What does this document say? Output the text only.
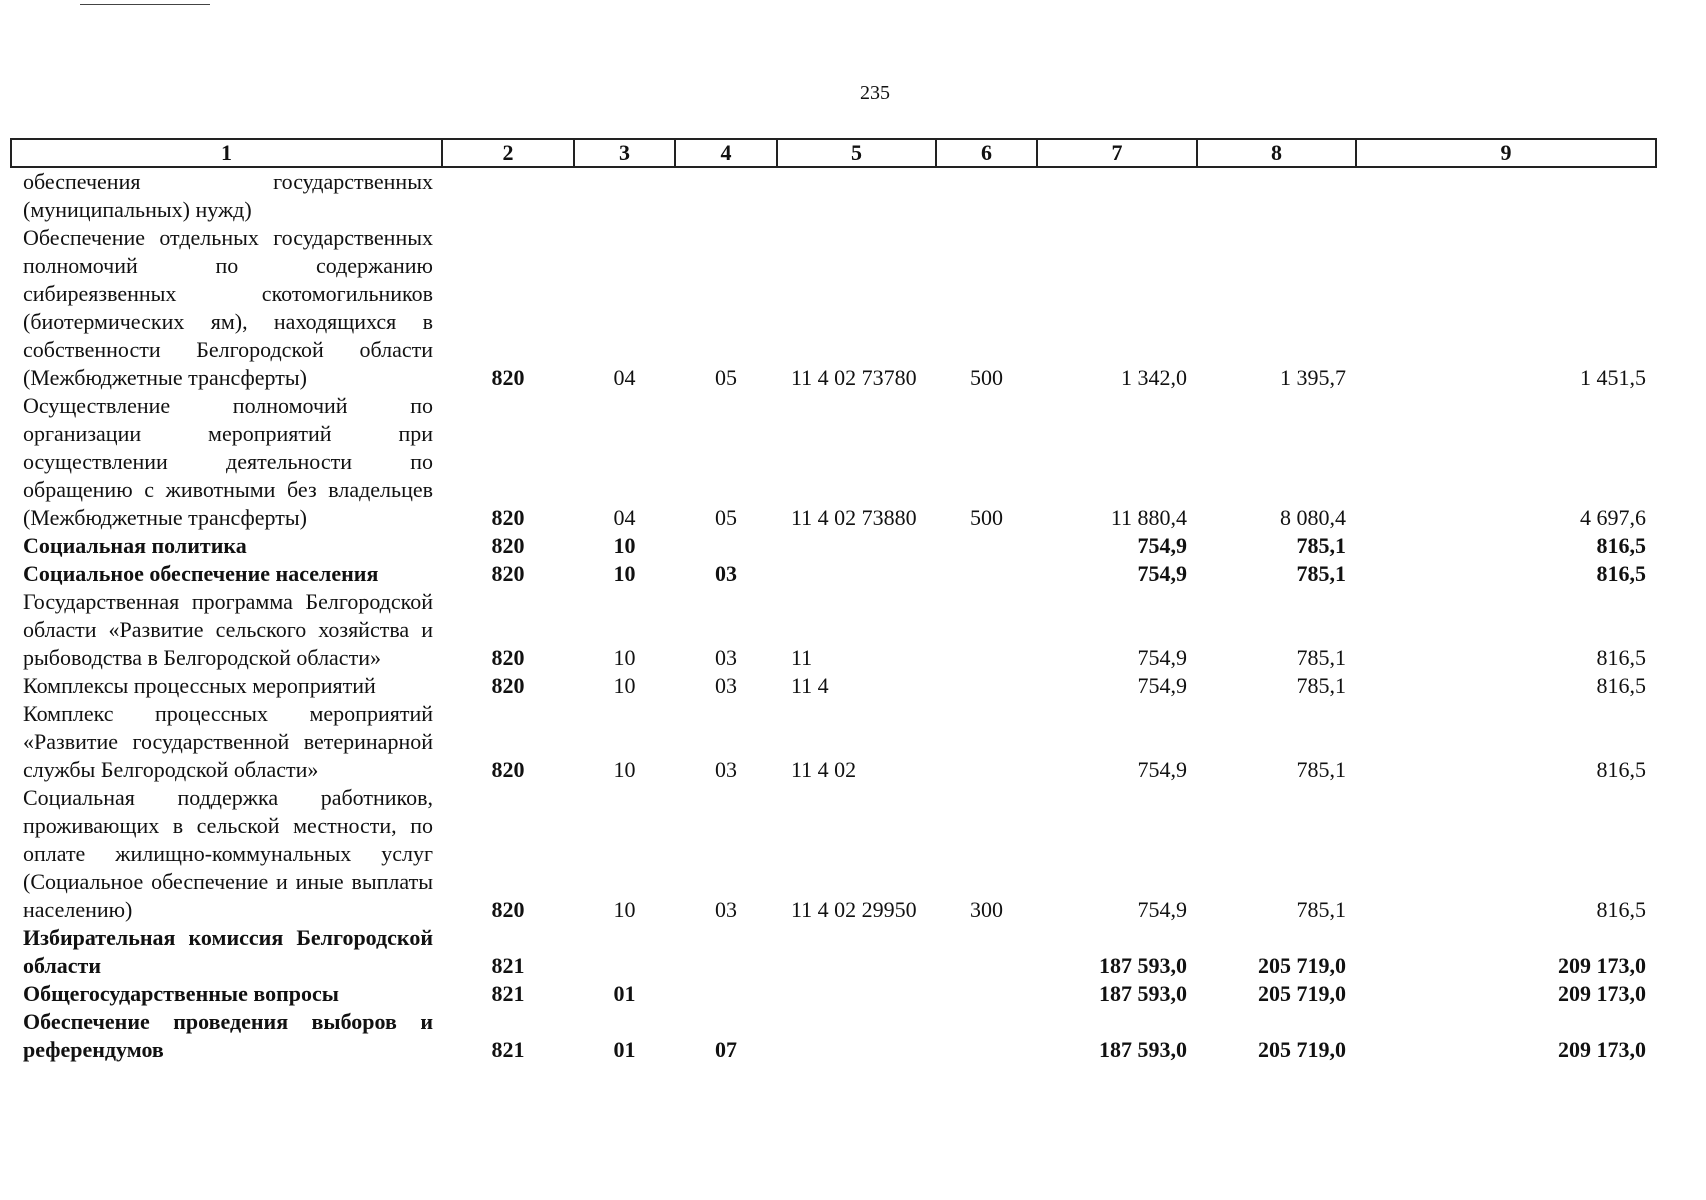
235
1	2	3	4	5	6	7	8	9
обеспечения государственных (муниципальных) нужд)								
Обеспечение отдельных государственных полномочий по содержанию сибиреязвенных скотомогильников (биотермических ям), находящихся в собственности Белгородской области (Межбюджетные трансферты)	820	04	05	11 4 02 73780	500	1 342,0	1 395,7	1 451,5
Осуществление полномочий по организации мероприятий при осуществлении деятельности по обращению с животными без владельцев (Межбюджетные трансферты)	820	04	05	11 4 02 73880	500	11 880,4	8 080,4	4 697,6
Социальная политика	820	10				754,9	785,1	816,5
Социальное обеспечение населения	820	10	03			754,9	785,1	816,5
Государственная программа Белгородской области «Развитие сельского хозяйства и рыбоводства в Белгородской области»	820	10	03	11		754,9	785,1	816,5
Комплексы процессных мероприятий	820	10	03	11 4		754,9	785,1	816,5
Комплекс процессных мероприятий «Развитие государственной ветеринарной службы Белгородской области»	820	10	03	11 4 02		754,9	785,1	816,5
Социальная поддержка работников, проживающих в сельской местности, по оплате жилищно-коммунальных услуг (Социальное обеспечение и иные выплаты населению)	820	10	03	11 4 02 29950	300	754,9	785,1	816,5
Избирательная комиссия Белгородской области	821					187 593,0	205 719,0	209 173,0
Общегосударственные вопросы	821	01				187 593,0	205 719,0	209 173,0
Обеспечение проведения выборов и референдумов	821	01	07			187 593,0	205 719,0	209 173,0
